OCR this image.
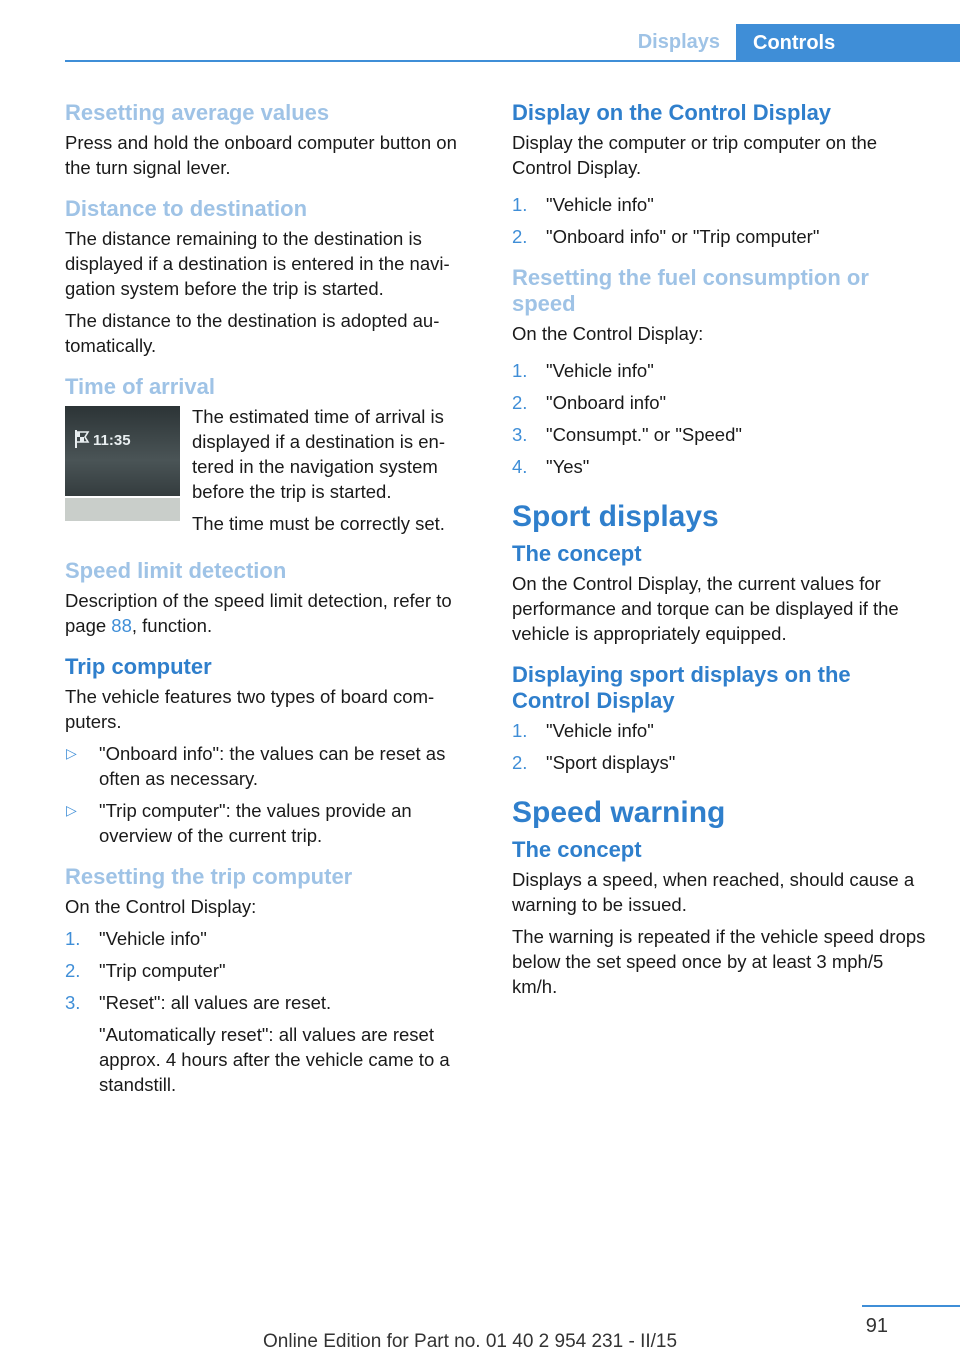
Displays	Controls
Resetting average values

Press and hold the onboard computer button on the turn signal lever.

Distance to destination

The distance remaining to the destination is displayed if a destination is entered in the navi‐gation system before the trip is started.

The distance to the destination is adopted au‐tomatically.

Time of arrival
11:35

The estimated time of arrival is displayed if a destination is en‐tered in the navigation system before the trip is started.

The time must be correctly set.

Speed limit detection

Description of the speed limit detection, refer to page 88, function.

Trip computer

The vehicle features two types of board com‐puters.

▷ "Onboard info": the values can be reset as often as necessary.
▷ "Trip computer": the values provide an overview of the current trip.
Resetting the trip computer

On the Control Display:

1. "Vehicle info"
2. "Trip computer"
3. "Reset": all values are reset.
"Automatically reset": all values are reset approx. 4 hours after the vehicle came to a standstill.
Display on the Control Display

Display the computer or trip computer on the Control Display.

1. "Vehicle info"
2. "Onboard info" or "Trip computer"
Resetting the fuel consumption or speed

On the Control Display:

1. "Vehicle info"
2. "Onboard info"
3. "Consumpt." or "Speed"
4. "Yes"
Sport displays
The concept

On the Control Display, the current values for performance and torque can be displayed if the vehicle is appropriately equipped.

Displaying sport displays on the Control Display
1. "Vehicle info"
2. "Sport displays"
Speed warning
The concept

Displays a speed, when reached, should cause a warning to be issued.

The warning is repeated if the vehicle speed drops below the set speed once by at least 3 mph/5 km/h.

91
Online Edition for Part no. 01 40 2 954 231 - II/15
